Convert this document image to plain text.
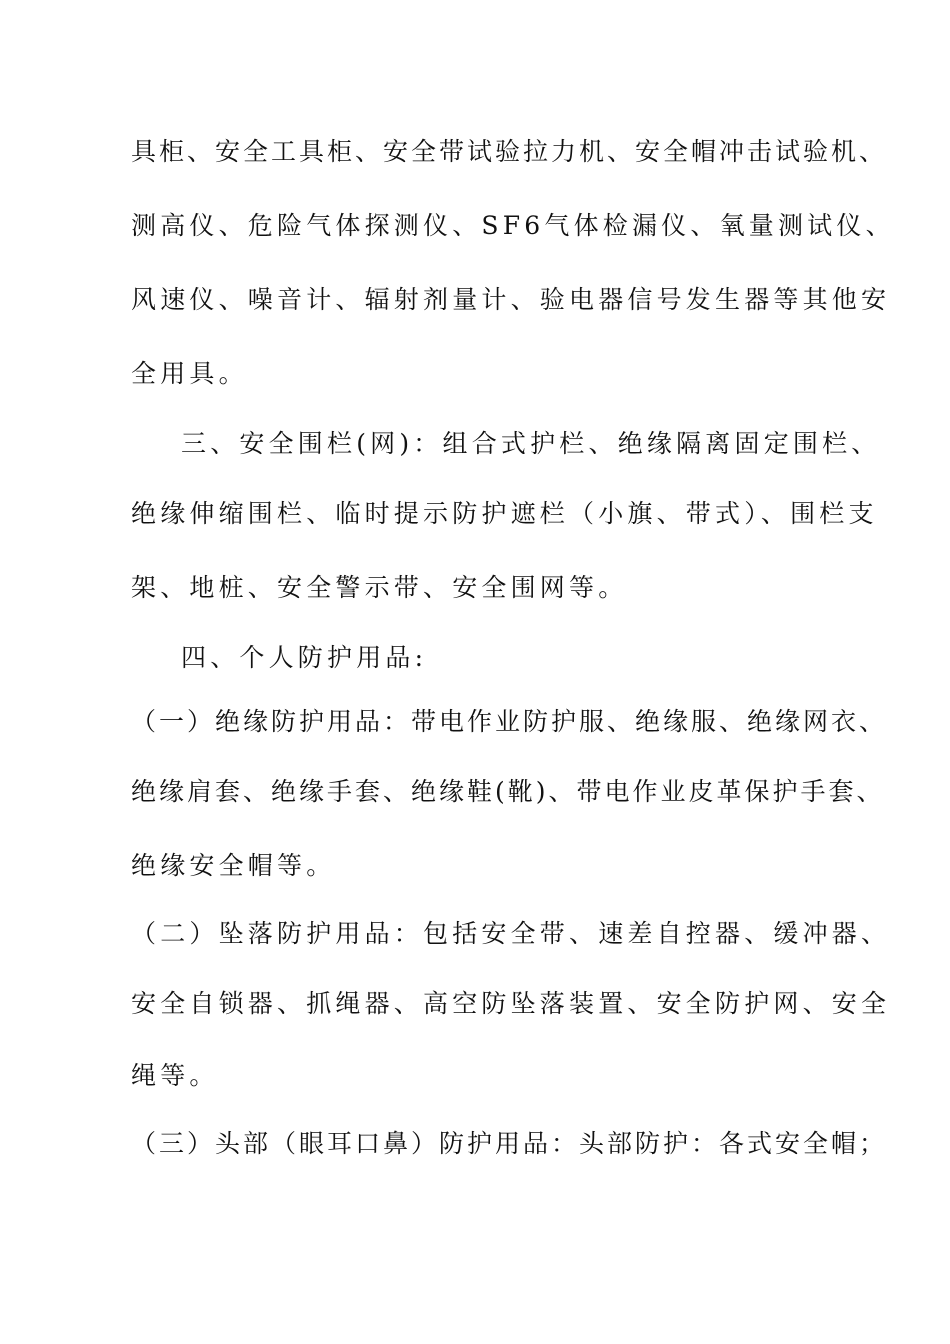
具柜、安全工具柜、安全带试验拉力机、安全帽冲击试验机、
测高仪、危险气体探测仪、SF6气体检漏仪、氧量测试仪、
风速仪、噪音计、辐射剂量计、验电器信号发生器等其他安
全用具。
三、安全围栏(网)：组合式护栏、绝缘隔离固定围栏、
绝缘伸缩围栏、临时提示防护遮栏（小旗、带式）、围栏支
架、地桩、安全警示带、安全围网等。
四、个人防护用品:
（一）绝缘防护用品：带电作业防护服、绝缘服、绝缘网衣、
绝缘肩套、绝缘手套、绝缘鞋(靴)、带电作业皮革保护手套、
绝缘安全帽等。
（二）坠落防护用品：包括安全带、速差自控器、缓冲器、
安全自锁器、抓绳器、高空防坠落装置、安全防护网、安全
绳等。
（三）头部（眼耳口鼻）防护用品：头部防护：各式安全帽；
